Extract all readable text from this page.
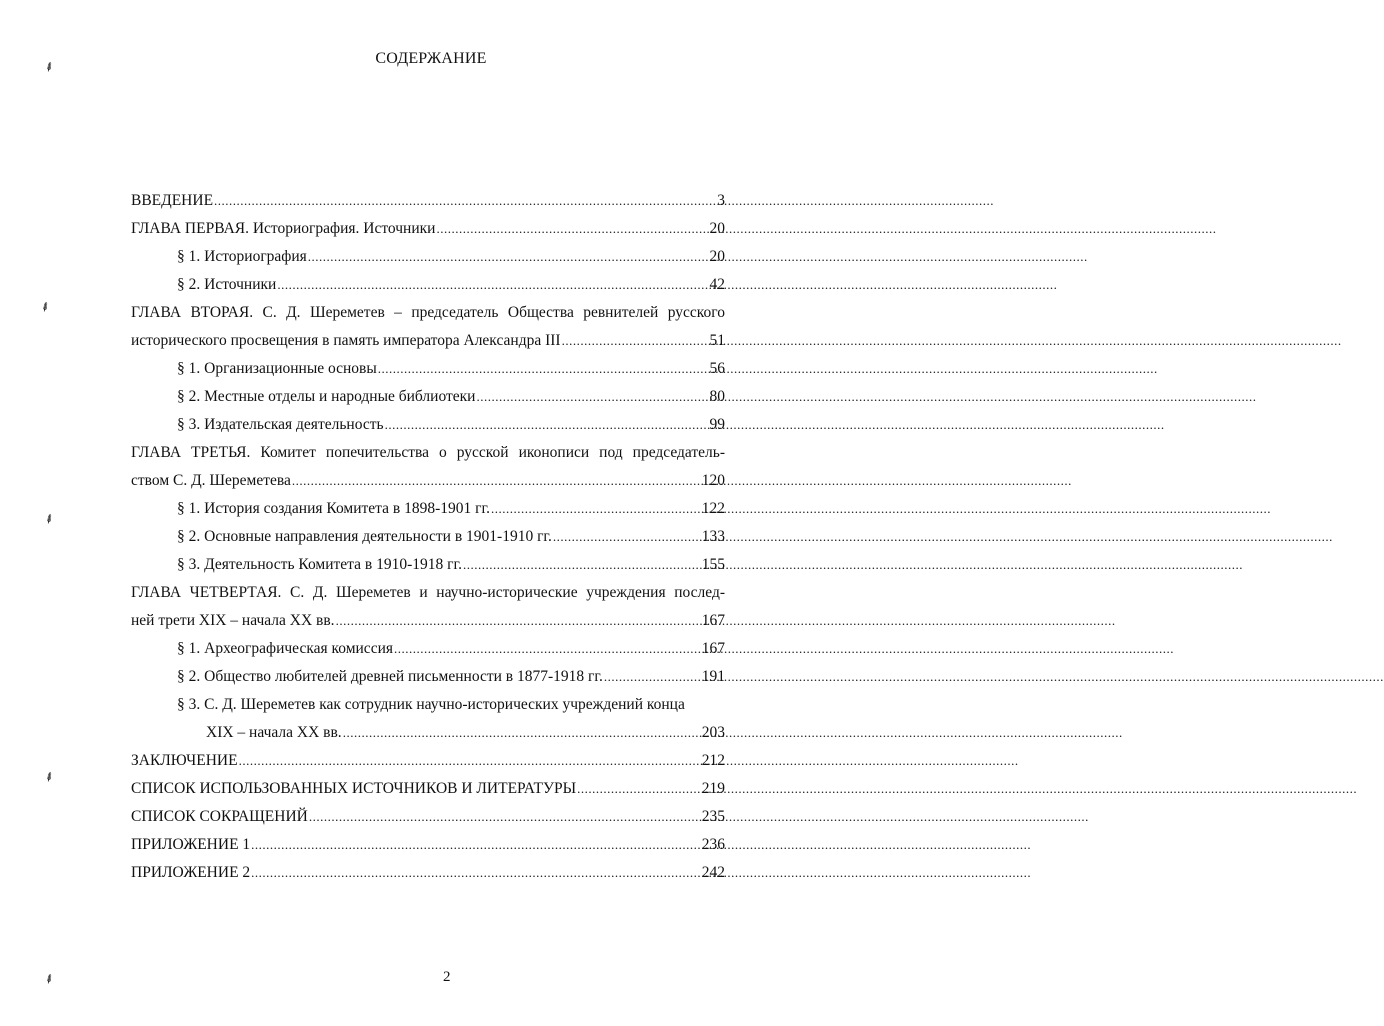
СОДЕРЖАНИЕ
⸙
⸙
⸙
⸙
⸙
ВВЕДЕНИЕ .....	3
ГЛАВА ПЕРВАЯ. Историография. Источники .....	20
§ 1. Историография .....	20
§ 2. Источники .....	42
ГЛАВА ВТОРАЯ. С. Д. Шереметев – председатель Общества ревнителей русского
исторического просвещения в память императора Александра III .....	51
§ 1. Организационные основы .....	56
§ 2. Местные отделы и народные библиотеки .....	80
§ 3. Издательская деятельность .....	99
ГЛАВА ТРЕТЬЯ. Комитет попечительства о русской иконописи под председатель-
ством С. Д. Шереметева .....	120
§ 1. История создания Комитета в 1898-1901 гг. .....	122
§ 2. Основные направления деятельности в 1901-1910 гг. .....	133
§ 3. Деятельность Комитета в 1910-1918 гг. .....	155
ГЛАВА ЧЕТВЕРТАЯ. С. Д. Шереметев и научно-исторические учреждения послед-
ней трети XIX – начала XX вв. .....	167
§ 1. Археографическая комиссия .....	167
§ 2. Общество любителей древней письменности в 1877-1918 гг. .....	191
§ 3. С. Д. Шереметев как сотрудник научно-исторических учреждений конца
XIX – начала XX вв. .....	203
ЗАКЛЮЧЕНИЕ .....	212
СПИСОК ИСПОЛЬЗОВАННЫХ ИСТОЧНИКОВ И ЛИТЕРАТУРЫ .....	219
СПИСОК СОКРАЩЕНИЙ .....	235
ПРИЛОЖЕНИЕ 1 .....	236
ПРИЛОЖЕНИЕ 2 .....	242
2
